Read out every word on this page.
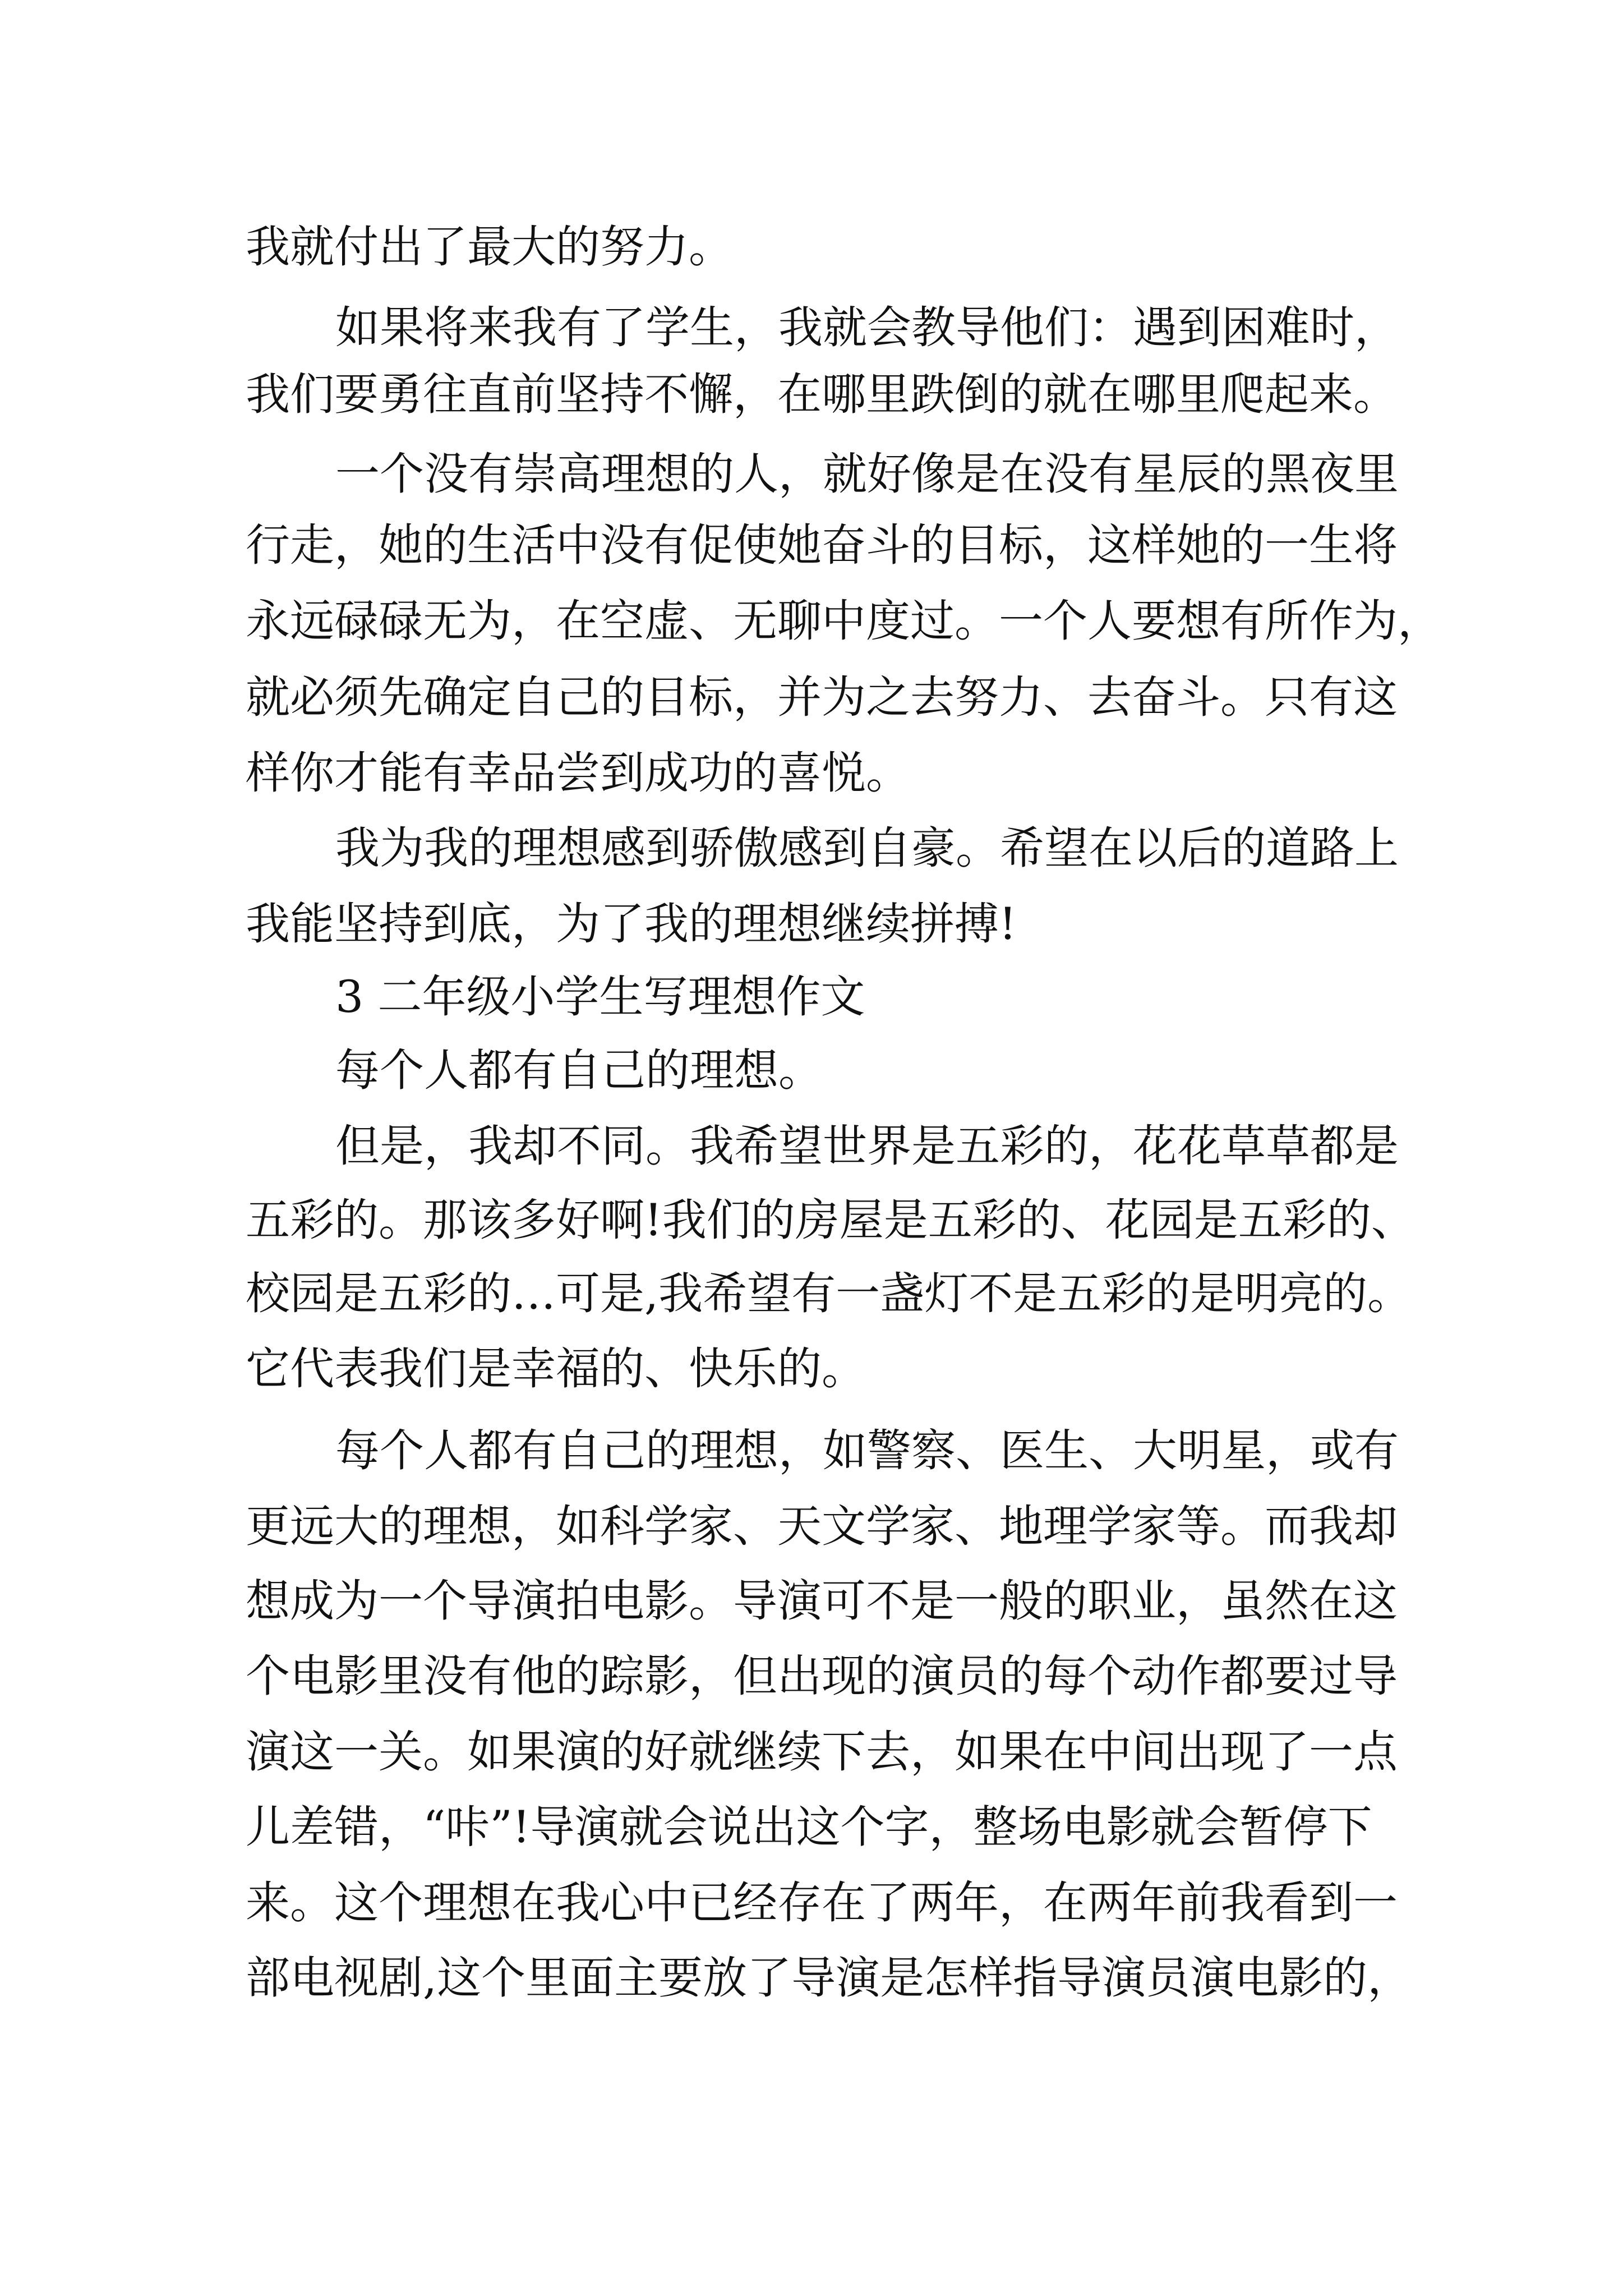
我就付出了最大的努力。
如果将来我有了学生，我就会教导他们：遇到困难时，
我们要勇往直前坚持不懈，在哪里跌倒的就在哪里爬起来。
一个没有崇高理想的人，就好像是在没有星辰的黑夜里
行走，她的生活中没有促使她奋斗的目标，这样她的一生将
永远碌碌无为，在空虚、无聊中度过。一个人要想有所作为，
就必须先确定自己的目标，并为之去努力、去奋斗。只有这
样你才能有幸品尝到成功的喜悦。
我为我的理想感到骄傲感到自豪。希望在以后的道路上
我能坚持到底，为了我的理想继续拼搏!
3 二年级小学生写理想作文
每个人都有自己的理想。
但是，我却不同。我希望世界是五彩的，花花草草都是
五彩的。那该多好啊!我们的房屋是五彩的、花园是五彩的、
校园是五彩的…可是,我希望有一盏灯不是五彩的是明亮的。
它代表我们是幸福的、快乐的。
每个人都有自己的理想，如警察、医生、大明星，或有
更远大的理想，如科学家、天文学家、地理学家等。而我却
想成为一个导演拍电影。导演可不是一般的职业，虽然在这
个电影里没有他的踪影，但出现的演员的每个动作都要过导
演这一关。如果演的好就继续下去，如果在中间出现了一点
儿差错，“咔”!导演就会说出这个字，整场电影就会暂停下
来。这个理想在我心中已经存在了两年，在两年前我看到一
部电视剧,这个里面主要放了导演是怎样指导演员演电影的，
